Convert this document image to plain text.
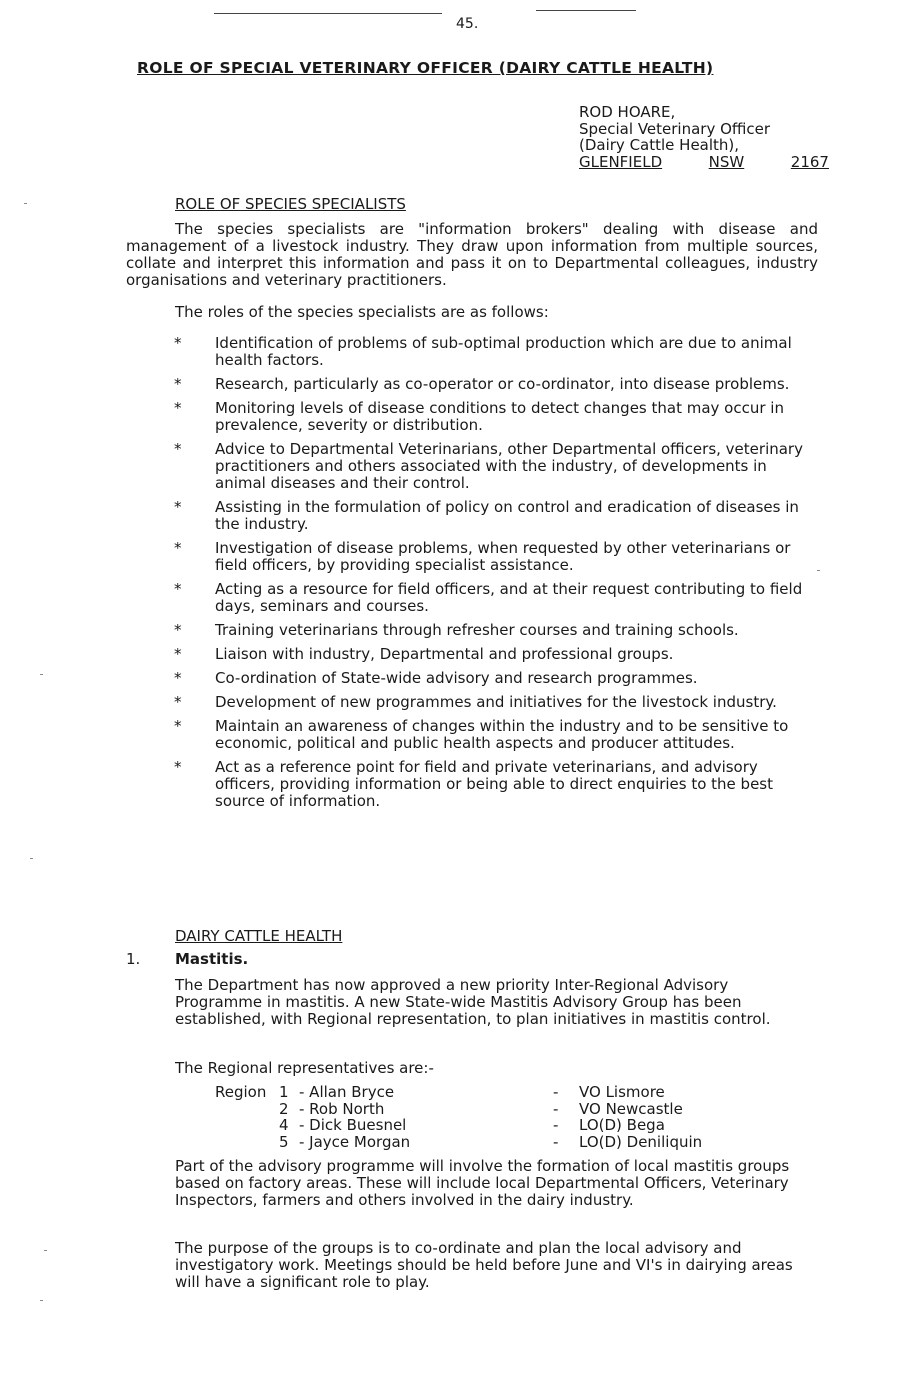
45.
ROLE OF SPECIAL VETERINARY OFFICER (DAIRY CATTLE HEALTH)
ROD HOARE,
Special Veterinary Officer
(Dairy Cattle Health),
GLENFIELD	NSW	2167
ROLE OF SPECIES SPECIALISTS
The species specialists are "information brokers" dealing with disease and management of a livestock industry. They draw upon information from multiple sources, collate and interpret this information and pass it on to Departmental colleagues, industry organisations and veterinary practitioners.
The roles of the species specialists are as follows:
* Identification of problems of sub-optimal production which are due to animal health factors.
* Research, particularly as co-operator or co-ordinator, into disease problems.
* Monitoring levels of disease conditions to detect changes that may occur in prevalence, severity or distribution.
* Advice to Departmental Veterinarians, other Departmental officers, veterinary practitioners and others associated with the industry, of developments in animal diseases and their control.
* Assisting in the formulation of policy on control and eradication of diseases in the industry.
* Investigation of disease problems, when requested by other veterinarians or field officers, by providing specialist assistance.
* Acting as a resource for field officers, and at their request contributing to field days, seminars and courses.
* Training veterinarians through refresher courses and training schools.
* Liaison with industry, Departmental and professional groups.
* Co-ordination of State-wide advisory and research programmes.
* Development of new programmes and initiatives for the livestock industry.
* Maintain an awareness of changes within the industry and to be sensitive to economic, political and public health aspects and producer attitudes.
* Act as a reference point for field and private veterinarians, and advisory officers, providing information or being able to direct enquiries to the best source of information.
DAIRY CATTLE HEALTH
1. Mastitis.
The Department has now approved a new priority Inter-Regional Advisory Programme in mastitis. A new State-wide Mastitis Advisory Group has been established, with Regional representation, to plan initiatives in mastitis control.
The Regional representatives are:-
Region 1 - Allan Bryce	-	VO Lismore
2 - Rob North	-	VO Newcastle
4 - Dick Buesnel	-	LO(D) Bega
5 - Jayce Morgan	-	LO(D) Deniliquin
Part of the advisory programme will involve the formation of local mastitis groups based on factory areas. These will include local Departmental Officers, Veterinary Inspectors, farmers and others involved in the dairy industry.
The purpose of the groups is to co-ordinate and plan the local advisory and investigatory work. Meetings should be held before June and VI's in dairying areas will have a significant role to play.
